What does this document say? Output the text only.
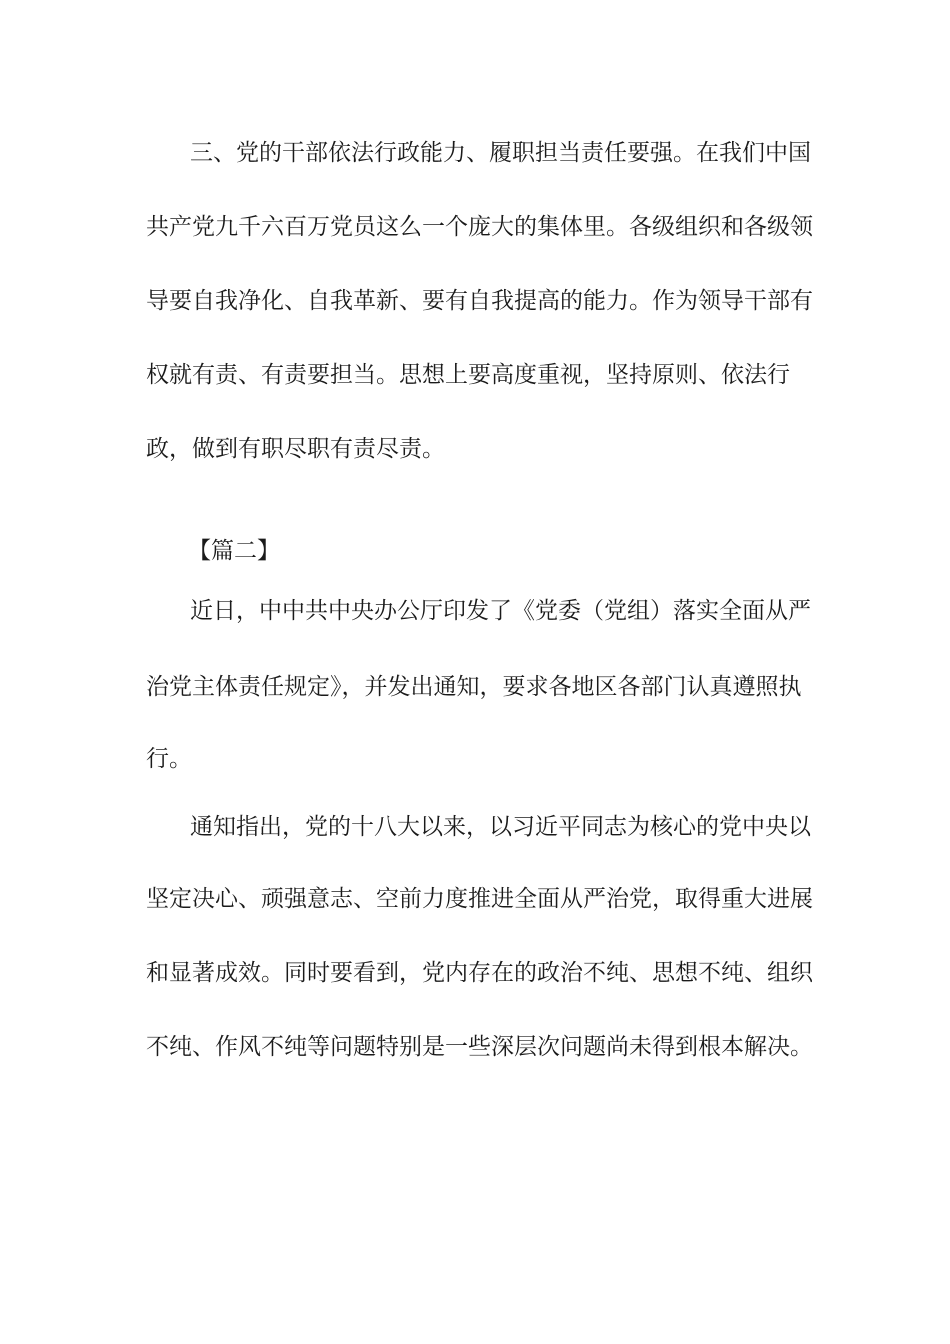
三、党的干部依法行政能力、履职担当责任要强。在我们中国
共产党九千六百万党员这么一个庞大的集体里。各级组织和各级领
导要自我净化、自我革新、要有自我提高的能力。作为领导干部有
权就有责、有责要担当。思想上要高度重视，坚持原则、依法行
政，做到有职尽职有责尽责。
【篇二】
近日，中中共中央办公厅印发了《党委（党组）落实全面从严
治党主体责任规定》，并发出通知，要求各地区各部门认真遵照执
行。
通知指出，党的十八大以来，以习近平同志为核心的党中央以
坚定决心、顽强意志、空前力度推进全面从严治党，取得重大进展
和显著成效。同时要看到，党内存在的政治不纯、思想不纯、组织
不纯、作风不纯等问题特别是一些深层次问题尚未得到根本解决。
